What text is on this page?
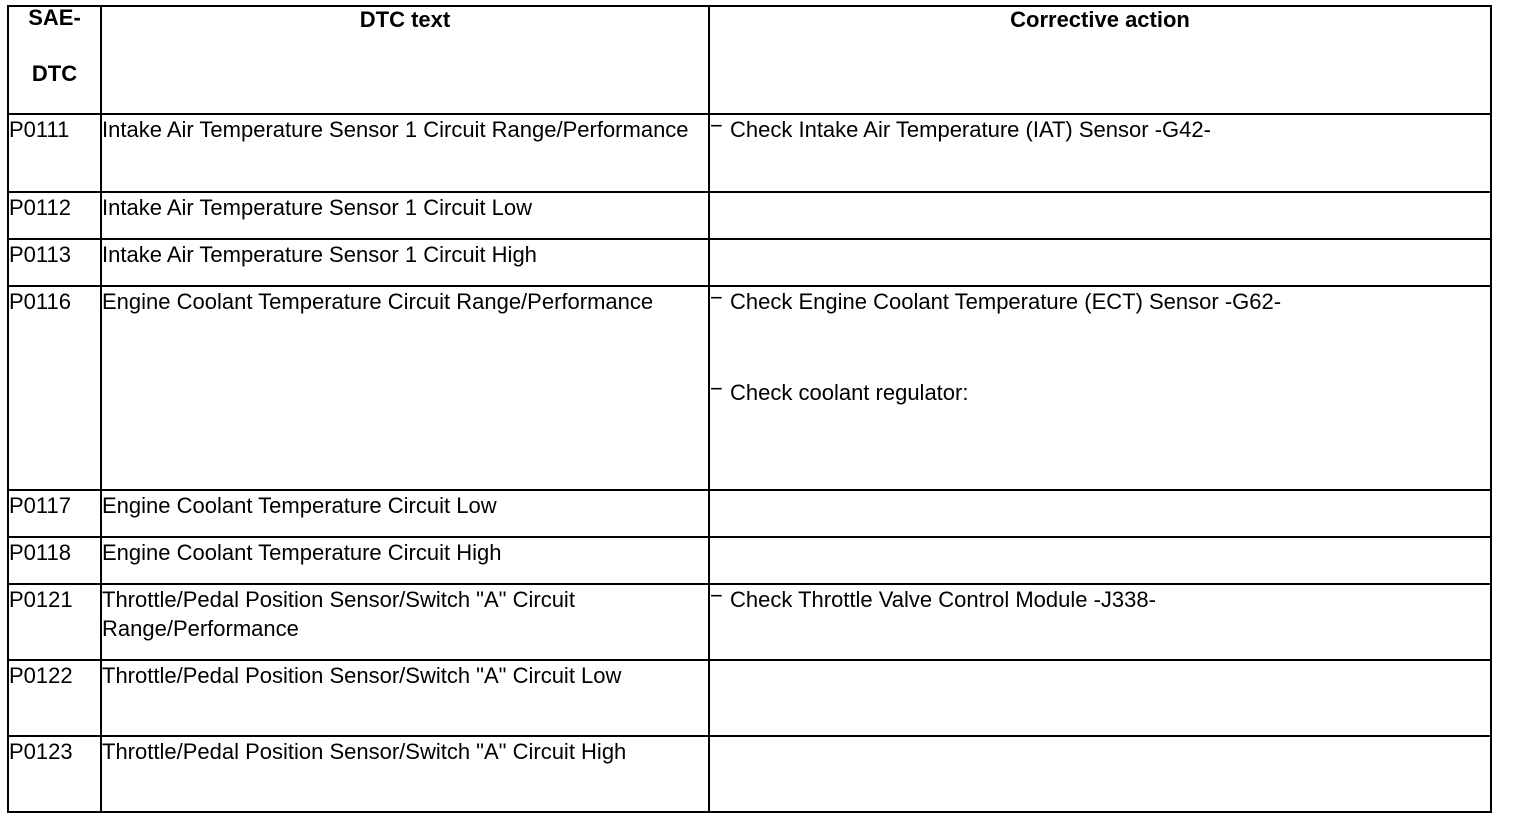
SAE-
DTC	DTC text	Corrective action
P0111	Intake Air Temperature Sensor 1 Circuit Range/Performance	− Check Intake Air Temperature (IAT) Sensor -G42-

P0112	Intake Air Temperature Sensor 1 Circuit Low	
P0113	Intake Air Temperature Sensor 1 Circuit High	
P0116	Engine Coolant Temperature Circuit Range/Performance	− Check Engine Coolant Temperature (ECT) Sensor -G62-
− Check coolant regulator:

P0117	Engine Coolant Temperature Circuit Low	
P0118	Engine Coolant Temperature Circuit High	
P0121	Throttle/Pedal Position Sensor/Switch "A" Circuit Range/Performance	− Check Throttle Valve Control Module -J338-

P0122	Throttle/Pedal Position Sensor/Switch "A" Circuit Low	
P0123	Throttle/Pedal Position Sensor/Switch "A" Circuit High	
